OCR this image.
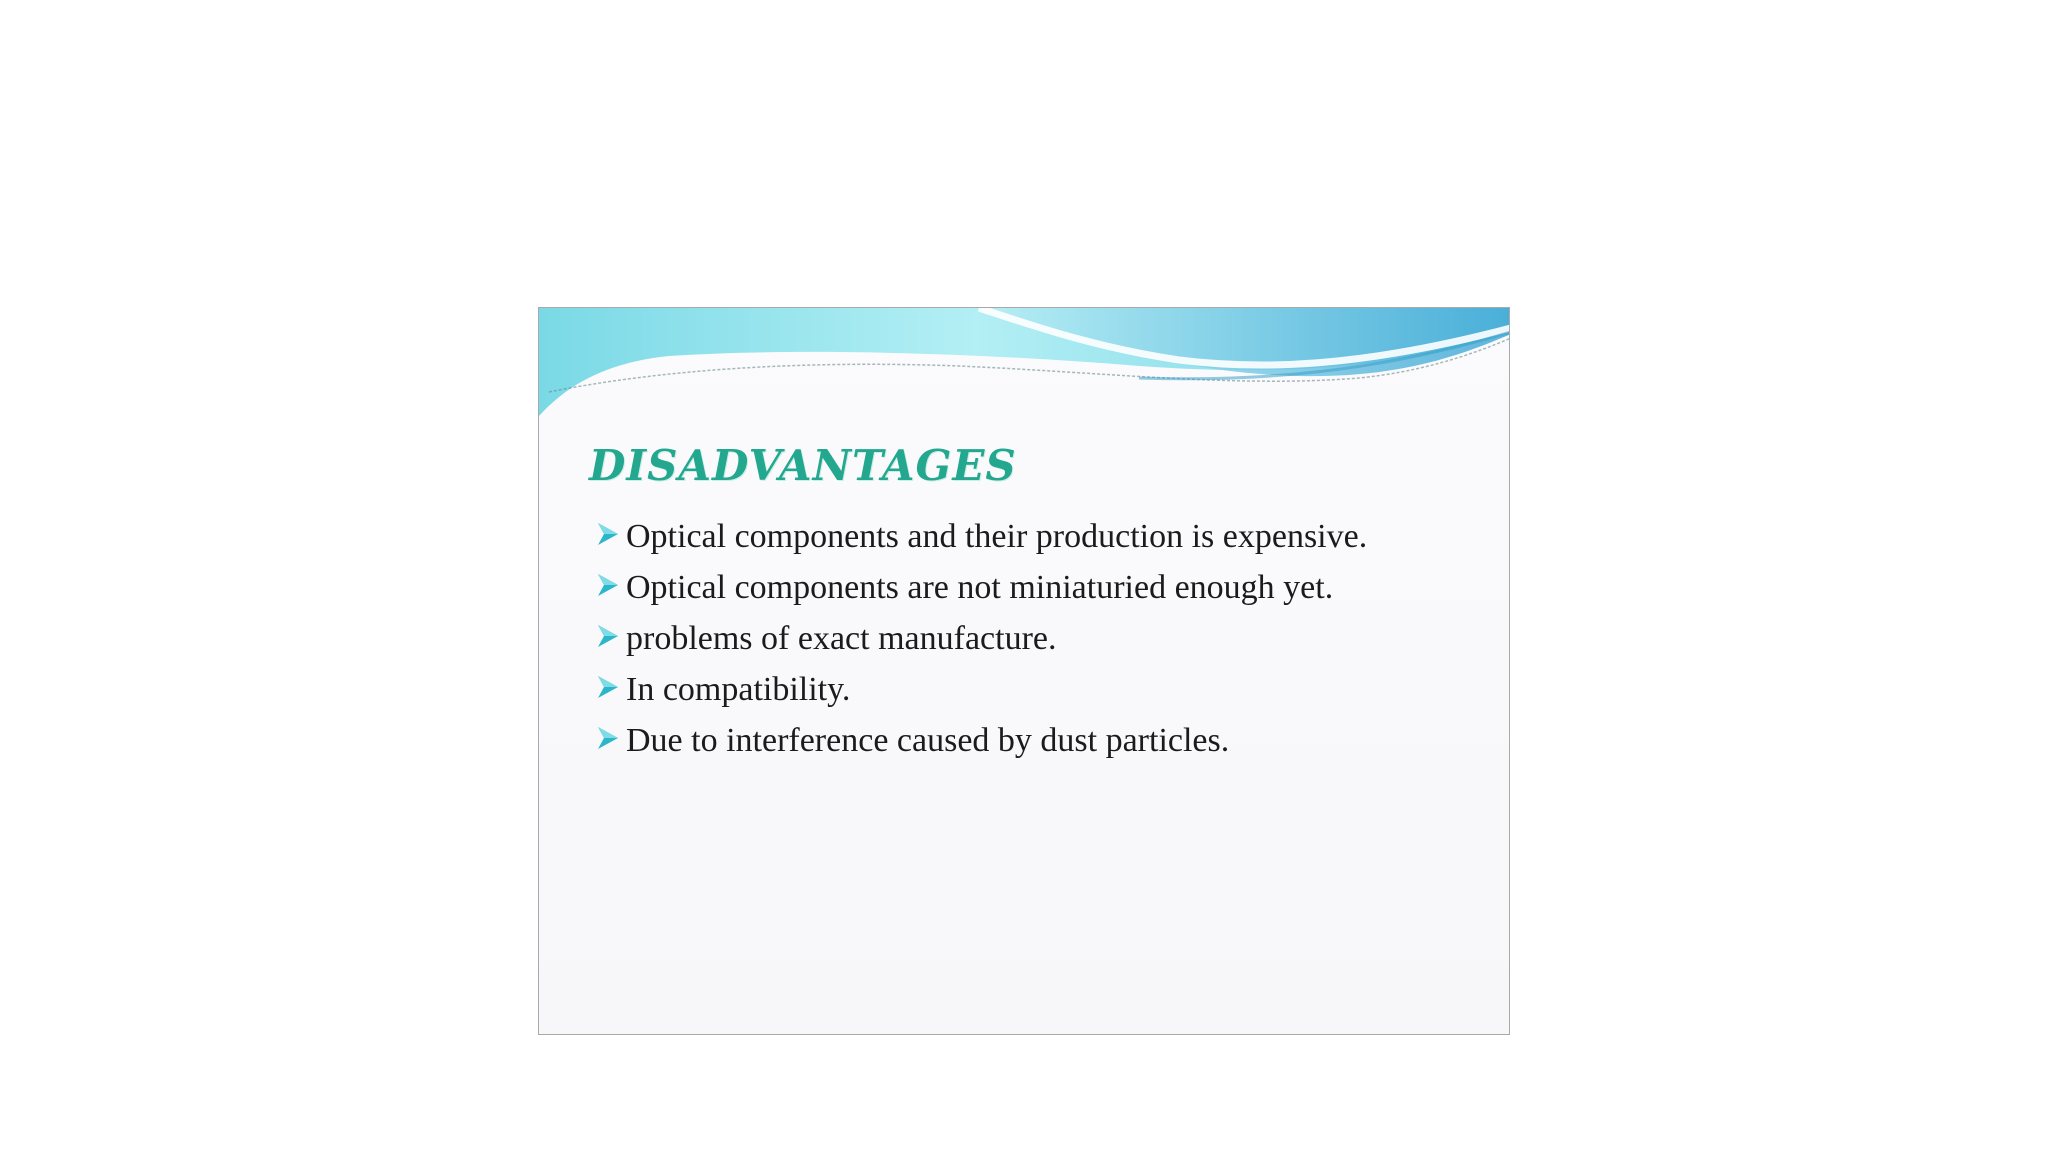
DISADVANTAGES
Optical components and their production is expensive.
Optical components are not miniaturied enough yet.
problems of exact manufacture.
In compatibility.
Due to interference caused by dust particles.
